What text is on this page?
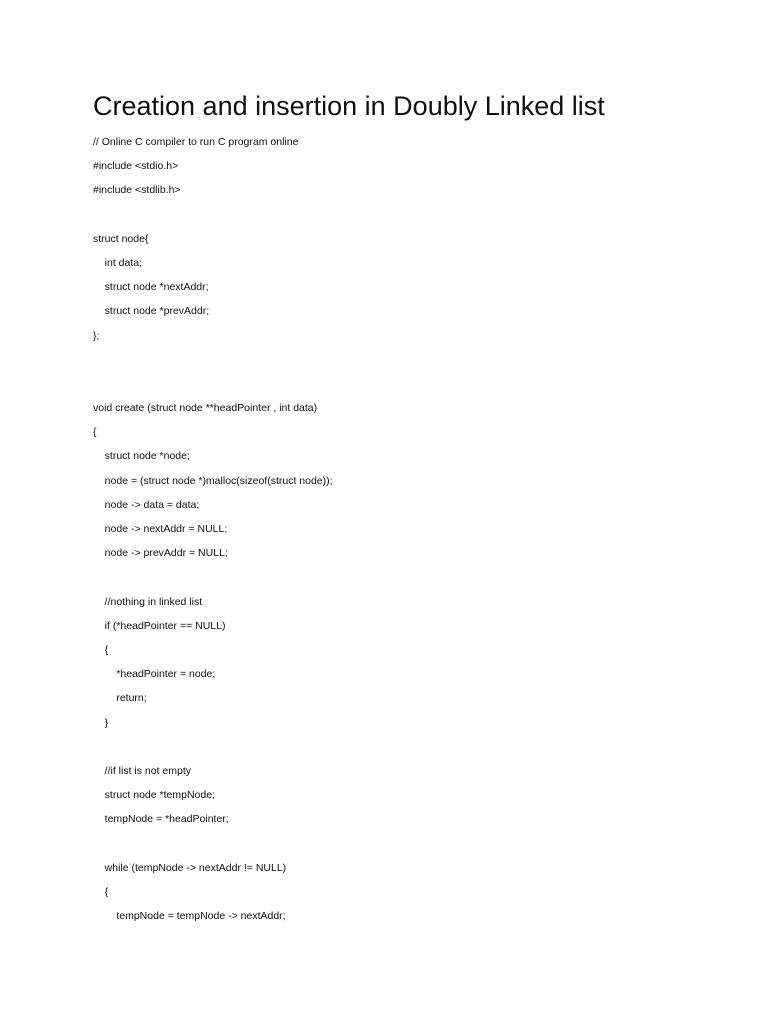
Creation and insertion in Doubly Linked list
// Online C compiler to run C program online
#include <stdio.h>
#include <stdlib.h>
struct node{
int data;
struct node *nextAddr;
struct node *prevAddr;
};
void create (struct node **headPointer , int data)
{
struct node *node;
node = (struct node *)malloc(sizeof(struct node));
node -> data = data;
node -> nextAddr = NULL;
node -> prevAddr = NULL;
//nothing in linked list
if (*headPointer == NULL)
{
*headPointer = node;
return;
}
//if list is not empty
struct node *tempNode;
tempNode = *headPointer;
while (tempNode -> nextAddr != NULL)
{
tempNode = tempNode -> nextAddr;
